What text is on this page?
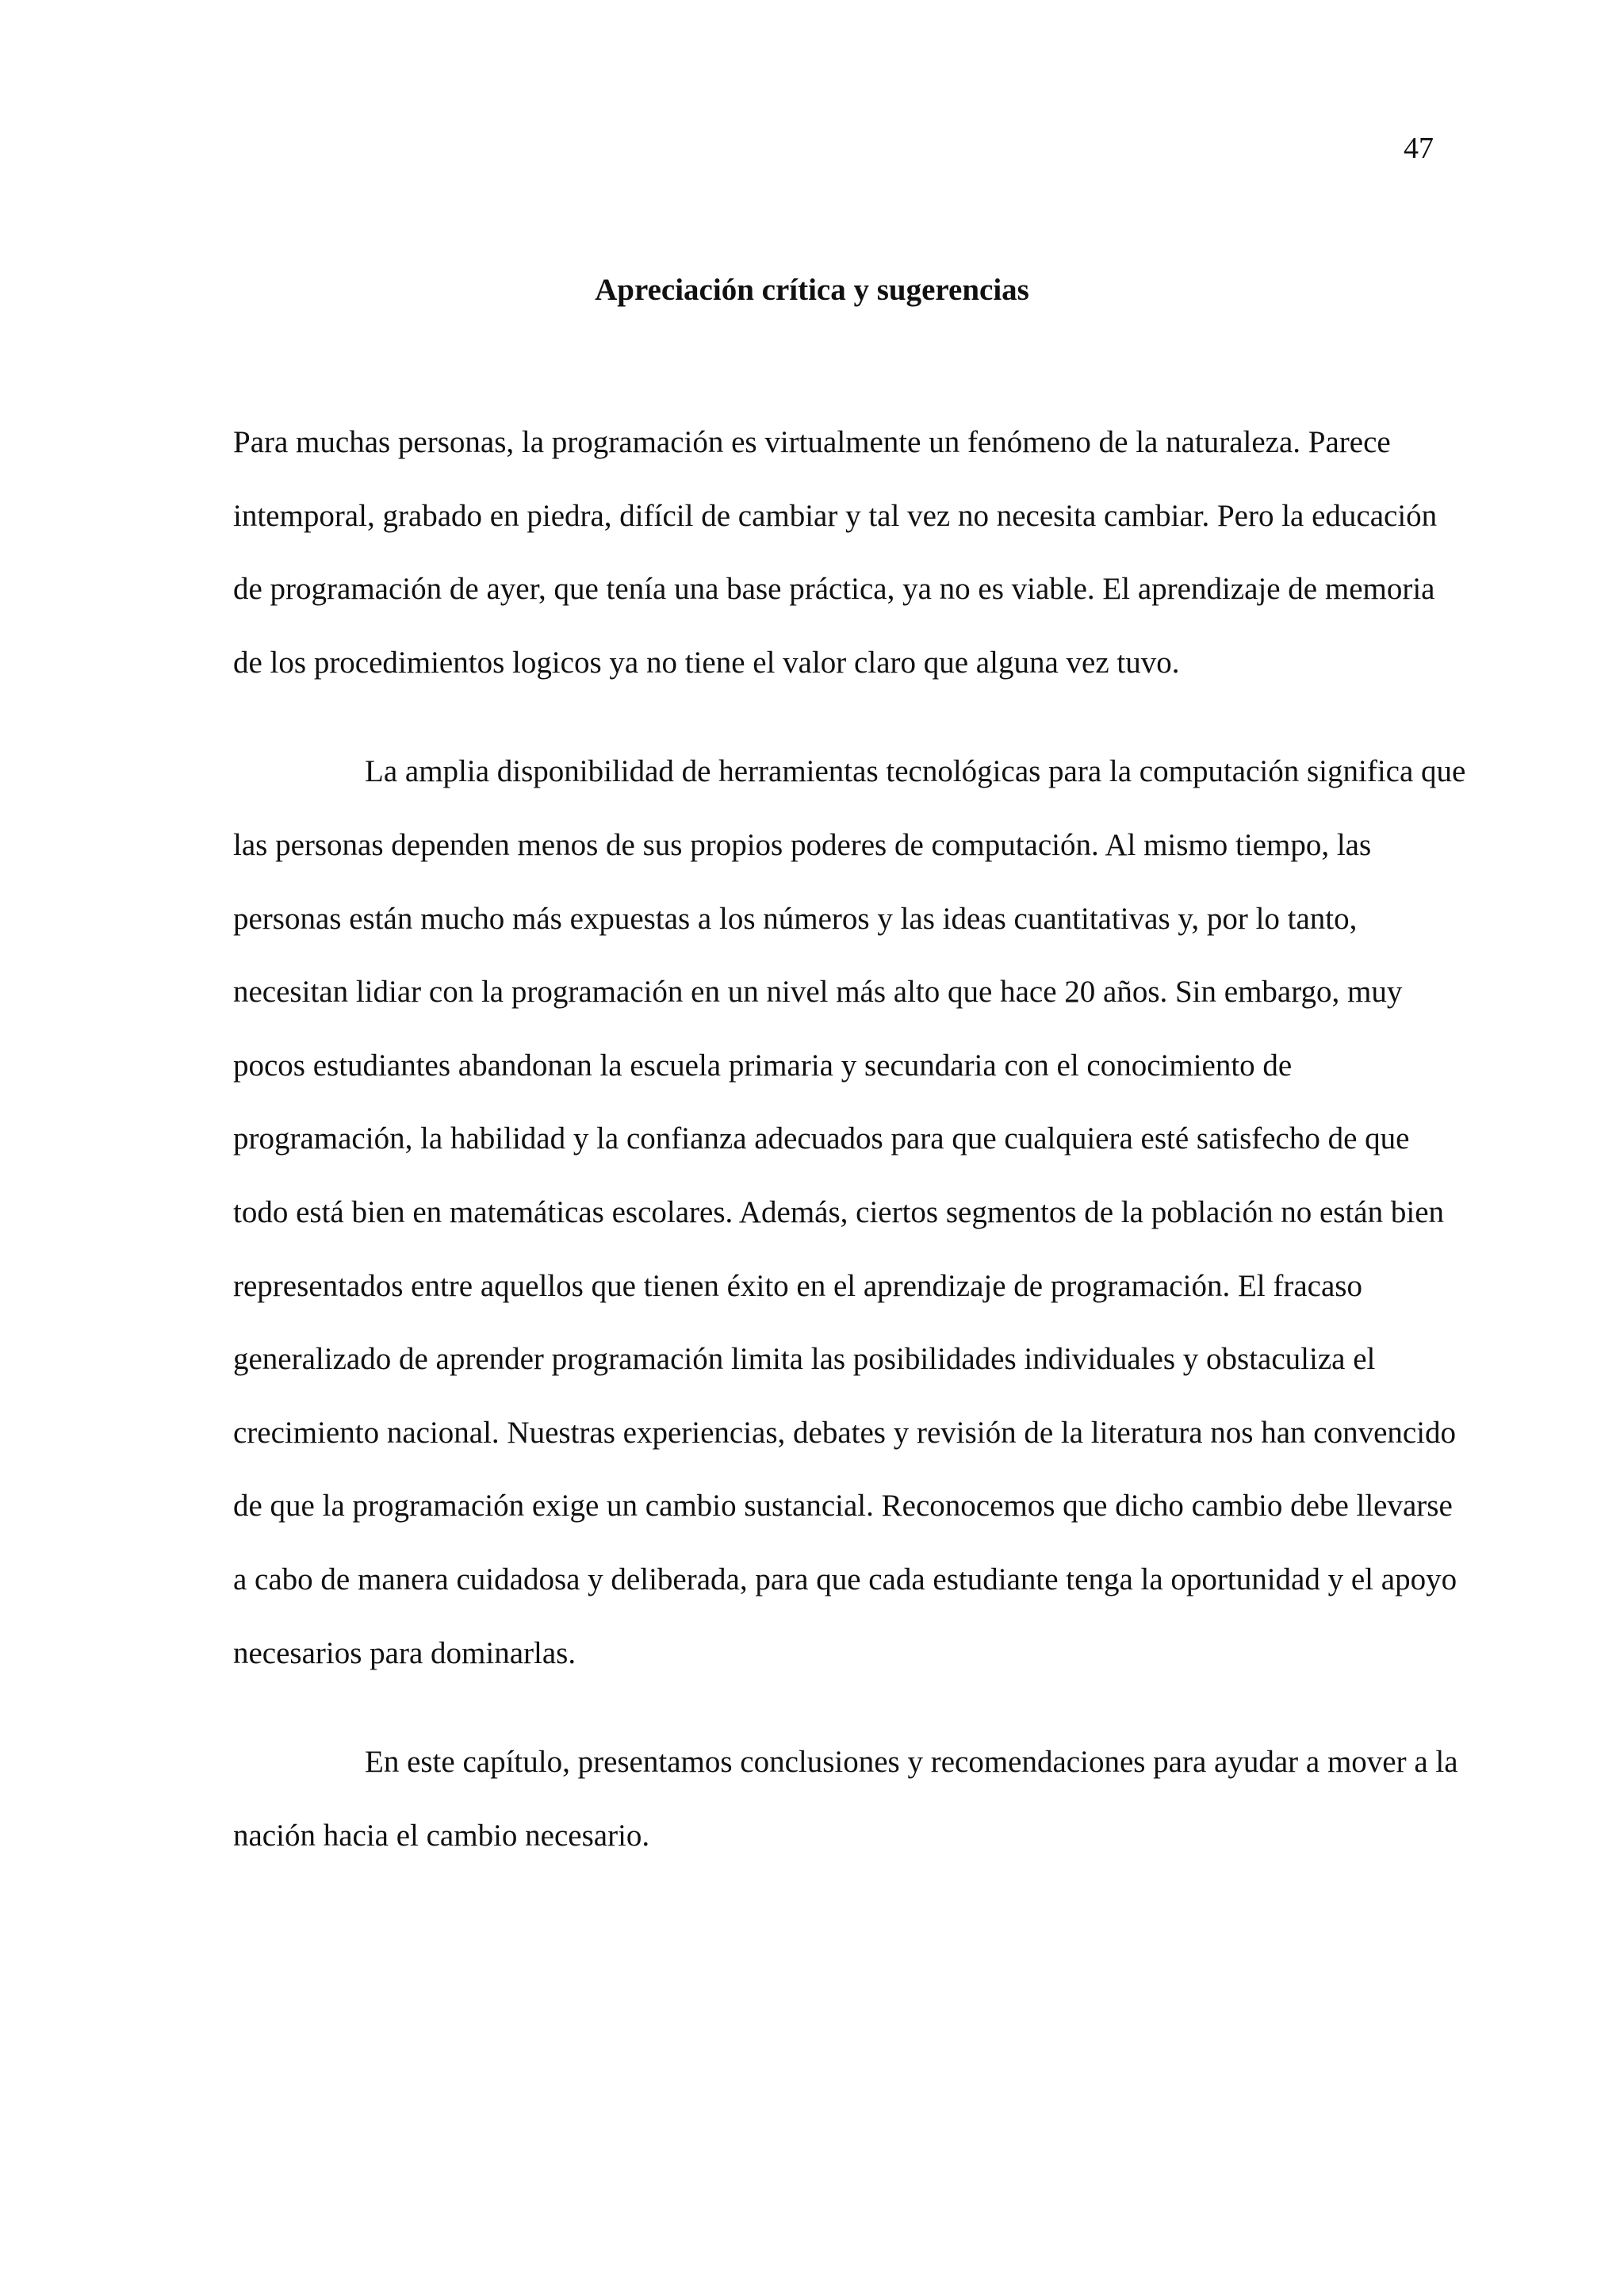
47
Apreciación crítica y sugerencias

Para muchas personas, la programación es virtualmente un fenómeno de la naturaleza. Parece intemporal, grabado en piedra, difícil de cambiar y tal vez no necesita cambiar. Pero la educación de programación de ayer, que tenía una base práctica, ya no es viable. El aprendizaje de memoria de los procedimientos logicos ya no tiene el valor claro que alguna vez tuvo.

La amplia disponibilidad de herramientas tecnológicas para la computación significa que las personas dependen menos de sus propios poderes de computación. Al mismo tiempo, las personas están mucho más expuestas a los números y las ideas cuantitativas y, por lo tanto, necesitan lidiar con la programación en un nivel más alto que hace 20 años. Sin embargo, muy pocos estudiantes abandonan la escuela primaria y secundaria con el conocimiento de programación, la habilidad y la confianza adecuados para que cualquiera esté satisfecho de que todo está bien en matemáticas escolares. Además, ciertos segmentos de la población no están bien representados entre aquellos que tienen éxito en el aprendizaje de programación. El fracaso generalizado de aprender programación limita las posibilidades individuales y obstaculiza el crecimiento nacional. Nuestras experiencias, debates y revisión de la literatura nos han convencido de que la programación exige un cambio sustancial. Reconocemos que dicho cambio debe llevarse a cabo de manera cuidadosa y deliberada, para que cada estudiante tenga la oportunidad y el apoyo necesarios para dominarlas.

En este capítulo, presentamos conclusiones y recomendaciones para ayudar a mover a la nación hacia el cambio necesario.
